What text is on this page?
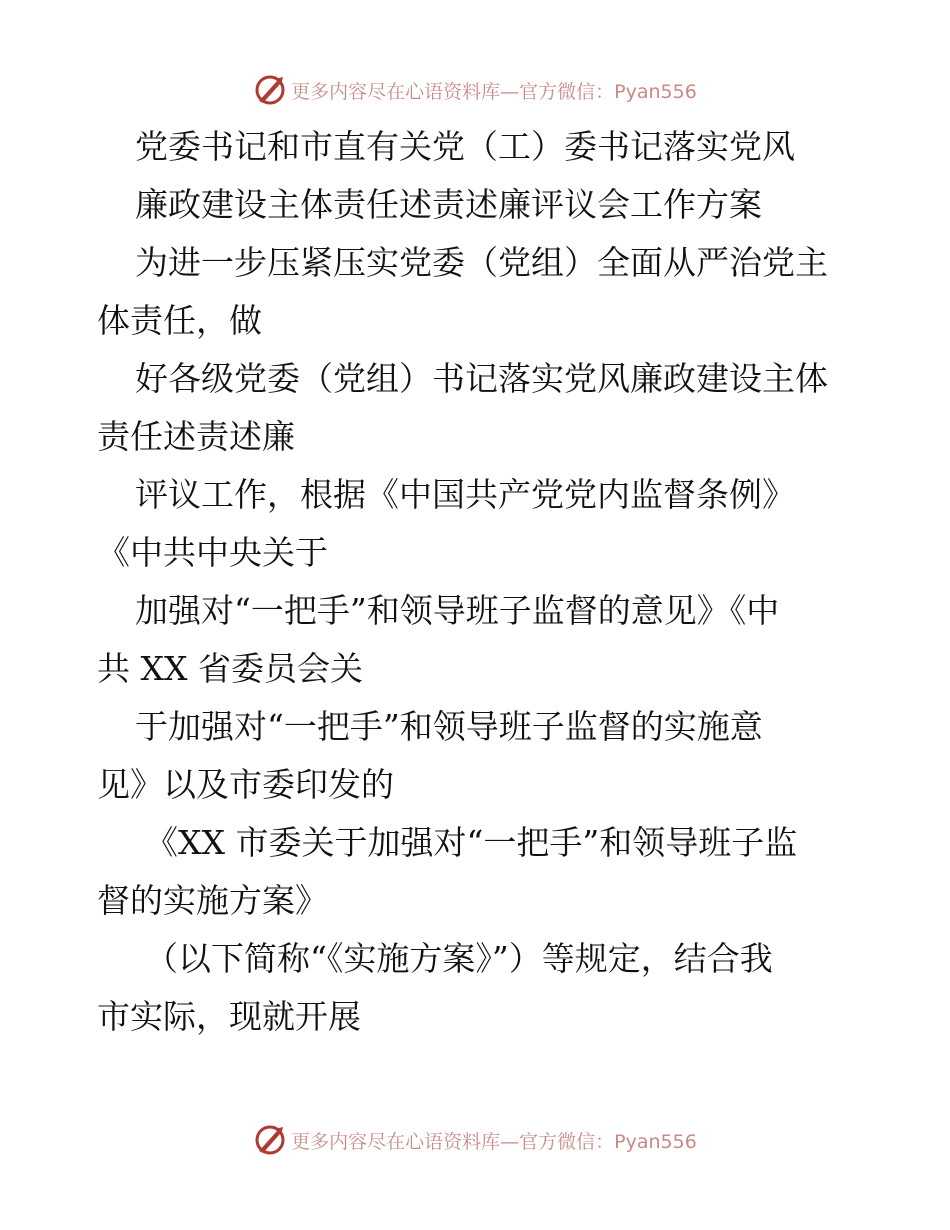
更多内容尽在心语资料库—官方微信：Pyan556
党委书记和市直有关党（工）委书记落实党风
廉政建设主体责任述责述廉评议会工作方案
为进一步压紧压实党委（党组）全面从严治党主
体责任，做
好各级党委（党组）书记落实党风廉政建设主体
责任述责述廉
评议工作，根据《中国共产党党内监督条例》
《中共中央关于
加强对“一把手”和领导班子监督的意见》《中
共 XX 省委员会关
于加强对“一把手”和领导班子监督的实施意
见》以及市委印发的
《XX 市委关于加强对“一把手”和领导班子监
督的实施方案》
（以下简称“《实施方案》”）等规定，结合我
市实际，现就开展
更多内容尽在心语资料库—官方微信：Pyan556
